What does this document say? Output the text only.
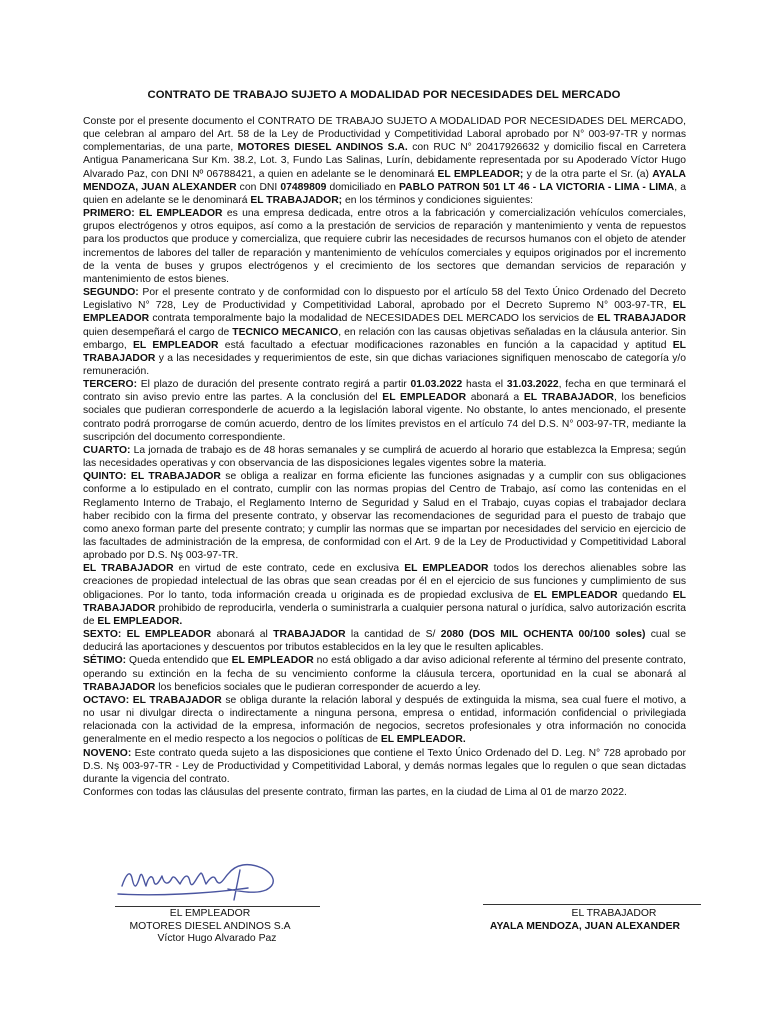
CONTRATO DE TRABAJO SUJETO A MODALIDAD POR NECESIDADES DEL MERCADO

Conste por el presente documento el CONTRATO DE TRABAJO SUJETO A MODALIDAD POR NECESIDADES DEL MERCADO, que celebran al amparo del Art. 58 de la Ley de Productividad y Competitividad Laboral aprobado por N° 003-97-TR y normas complementarias, de una parte, MOTORES DIESEL ANDINOS S.A. con RUC N° 20417926632 y domicilio fiscal en Carretera Antigua Panamericana Sur Km. 38.2, Lot. 3, Fundo Las Salinas, Lurín, debidamente representada por su Apoderado Víctor Hugo Alvarado Paz, con DNI Nº 06788421, a quien en adelante se le denominará EL EMPLEADOR; y de la otra parte el Sr. (a) AYALA MENDOZA, JUAN ALEXANDER con DNI 07489809 domiciliado en PABLO PATRON 501 LT 46 - LA VICTORIA - LIMA - LIMA, a quien en adelante se le denominará EL TRABAJADOR; en los términos y condiciones siguientes:

PRIMERO: EL EMPLEADOR es una empresa dedicada, entre otros a la fabricación y comercialización vehículos comerciales, grupos electrógenos y otros equipos, así como a la prestación de servicios de reparación y mantenimiento y venta de repuestos para los productos que produce y comercializa, que requiere cubrir las necesidades de recursos humanos con el objeto de atender incrementos de labores del taller de reparación y mantenimiento de vehículos comerciales y equipos originados por el incremento de la venta de buses y grupos electrógenos y el crecimiento de los sectores que demandan servicios de reparación y mantenimiento de estos bienes.

SEGUNDO: Por el presente contrato y de conformidad con lo dispuesto por el artículo 58 del Texto Único Ordenado del Decreto Legislativo N° 728, Ley de Productividad y Competitividad Laboral, aprobado por el Decreto Supremo N° 003-97-TR, EL EMPLEADOR contrata temporalmente bajo la modalidad de NECESIDADES DEL MERCADO los servicios de EL TRABAJADOR quien desempeñará el cargo de TECNICO MECANICO, en relación con las causas objetivas señaladas en la cláusula anterior. Sin embargo, EL EMPLEADOR está facultado a efectuar modificaciones razonables en función a la capacidad y aptitud EL TRABAJADOR y a las necesidades y requerimientos de este, sin que dichas variaciones signifiquen menoscabo de categoría y/o remuneración.

TERCERO: El plazo de duración del presente contrato regirá a partir 01.03.2022 hasta el 31.03.2022, fecha en que terminará el contrato sin aviso previo entre las partes. A la conclusión del EL EMPLEADOR abonará a EL TRABAJADOR, los beneficios sociales que pudieran corresponderle de acuerdo a la legislación laboral vigente. No obstante, lo antes mencionado, el presente contrato podrá prorrogarse de común acuerdo, dentro de los límites previstos en el artículo 74 del D.S. N° 003-97-TR, mediante la suscripción del documento correspondiente.

CUARTO: La jornada de trabajo es de 48 horas semanales y se cumplirá de acuerdo al horario que establezca la Empresa; según las necesidades operativas y con observancia de las disposiciones legales vigentes sobre la materia.

QUINTO: EL TRABAJADOR se obliga a realizar en forma eficiente las funciones asignadas y a cumplir con sus obligaciones conforme a lo estipulado en el contrato, cumplir con las normas propias del Centro de Trabajo, así como las contenidas en el Reglamento Interno de Trabajo, el Reglamento Interno de Seguridad y Salud en el Trabajo, cuyas copias el trabajador declara haber recibido con la firma del presente contrato, y observar las recomendaciones de seguridad para el puesto de trabajo que como anexo forman parte del presente contrato; y cumplir las normas que se impartan por necesidades del servicio en ejercicio de las facultades de administración de la empresa, de conformidad con el Art. 9 de la Ley de Productividad y Competitividad Laboral aprobado por D.S. Nş 003-97-TR.

EL TRABAJADOR en virtud de este contrato, cede en exclusiva EL EMPLEADOR todos los derechos alienables sobre las creaciones de propiedad intelectual de las obras que sean creadas por él en el ejercicio de sus funciones y cumplimiento de sus obligaciones. Por lo tanto, toda información creada u originada es de propiedad exclusiva de EL EMPLEADOR quedando EL TRABAJADOR prohibido de reproducirla, venderla o suministrarla a cualquier persona natural o jurídica, salvo autorización escrita de EL EMPLEADOR.

SEXTO: EL EMPLEADOR abonará al TRABAJADOR la cantidad de S/ 2080 (DOS MIL OCHENTA 00/100 soles) cual se deducirá las aportaciones y descuentos por tributos establecidos en la ley que le resulten aplicables.

SÉTIMO: Queda entendido que EL EMPLEADOR no está obligado a dar aviso adicional referente al término del presente contrato, operando su extinción en la fecha de su vencimiento conforme la cláusula tercera, oportunidad en la cual se abonará al TRABAJADOR los beneficios sociales que le pudieran corresponder de acuerdo a ley.

OCTAVO: EL TRABAJADOR se obliga durante la relación laboral y después de extinguida la misma, sea cual fuere el motivo, a no usar ni divulgar directa o indirectamente a ninguna persona, empresa o entidad, información confidencial o privilegiada relacionada con la actividad de la empresa, información de negocios, secretos profesionales y otra información no conocida generalmente en el medio respecto a los negocios o políticas de EL EMPLEADOR.

NOVENO: Este contrato queda sujeto a las disposiciones que contiene el Texto Único Ordenado del D. Leg. N° 728 aprobado por D.S. Nş 003-97-TR - Ley de Productividad y Competitividad Laboral, y demás normas legales que lo regulen o que sean dictadas durante la vigencia del contrato.

Conformes con todas las cláusulas del presente contrato, firman las partes, en la ciudad de Lima al 01 de marzo 2022.

EL EMPLEADOR
MOTORES DIESEL ANDINOS S.A
Víctor Hugo Alvarado Paz
EL TRABAJADOR
AYALA MENDOZA, JUAN ALEXANDER
